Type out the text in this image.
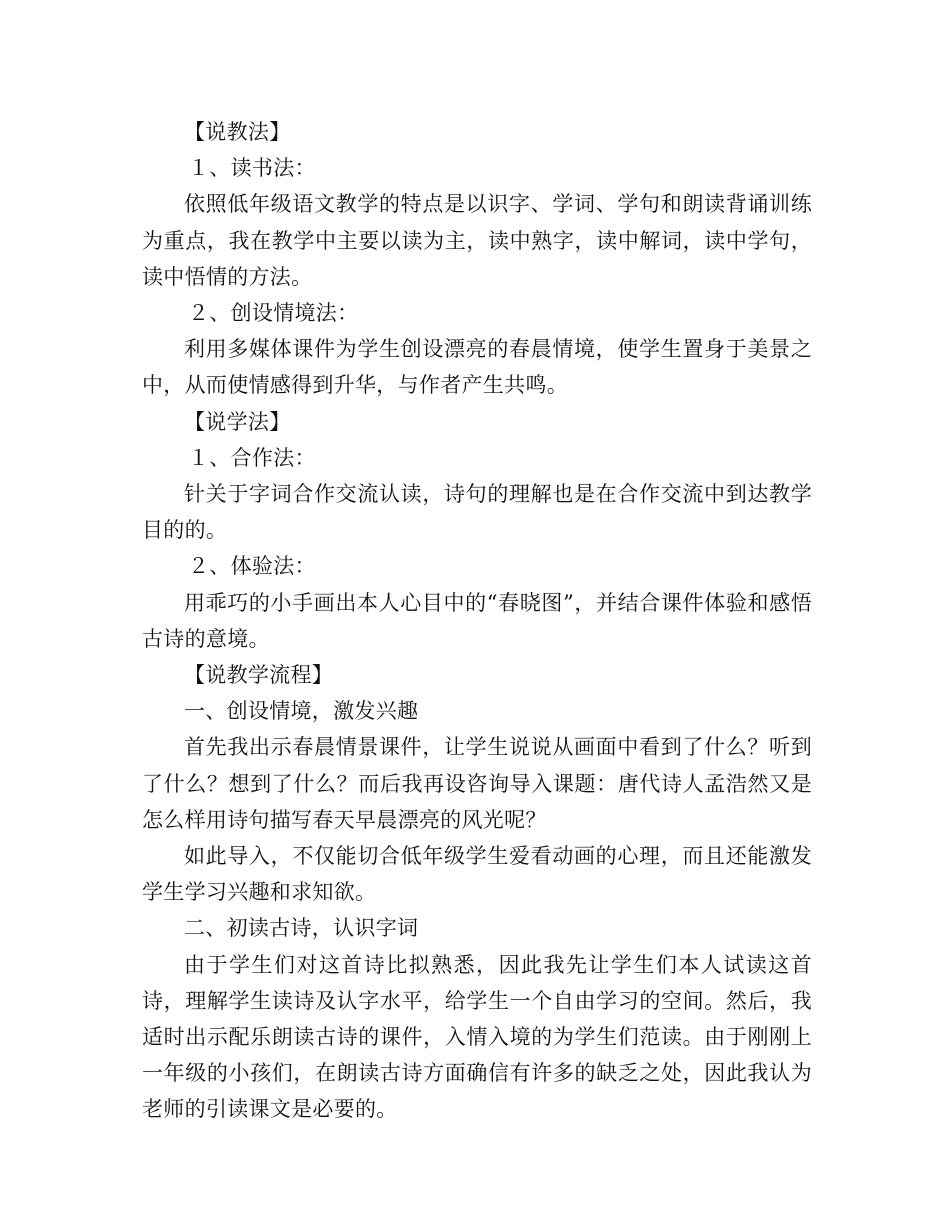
【说教法】
１、读书法：
依照低年级语文教学的特点是以识字、学词、学句和朗读背诵训练为重点，我在教学中主要以读为主，读中熟字，读中解词，读中学句，读中悟情的方法。
２、创设情境法：
利用多媒体课件为学生创设漂亮的春晨情境，使学生置身于美景之中，从而使情感得到升华，与作者产生共鸣。
【说学法】
１、合作法：
针关于字词合作交流认读，诗句的理解也是在合作交流中到达教学目的的。
２、体验法：
用乖巧的小手画出本人心目中的“春晓图”，并结合课件体验和感悟古诗的意境。
【说教学流程】
一、创设情境，激发兴趣
首先我出示春晨情景课件，让学生说说从画面中看到了什么？听到了什么？想到了什么？而后我再设咨询导入课题：唐代诗人孟浩然又是怎么样用诗句描写春天早晨漂亮的风光呢？
如此导入，不仅能切合低年级学生爱看动画的心理，而且还能激发学生学习兴趣和求知欲。
二、初读古诗，认识字词
由于学生们对这首诗比拟熟悉，因此我先让学生们本人试读这首诗，理解学生读诗及认字水平，给学生一个自由学习的空间。然后，我适时出示配乐朗读古诗的课件，入情入境的为学生们范读。由于刚刚上一年级的小孩们，在朗读古诗方面确信有许多的缺乏之处，因此我认为老师的引读课文是必要的。
